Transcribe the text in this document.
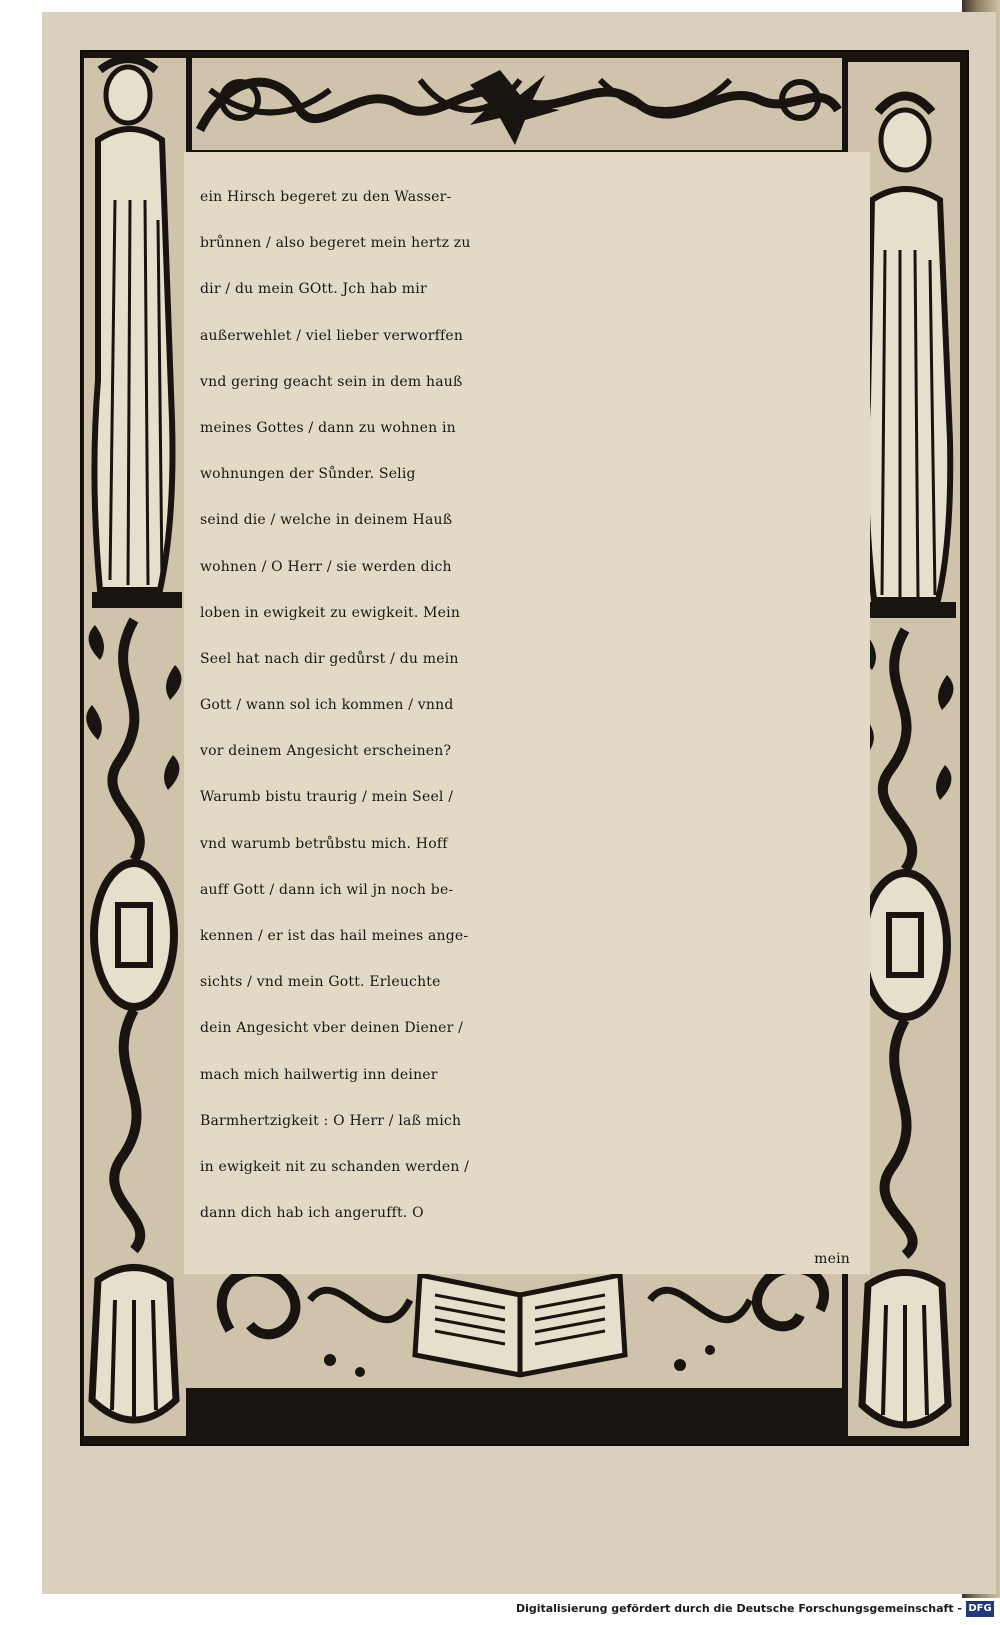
ein Hirsch begeret zu den Wasser-
brůnnen / also begeret mein hertz zu
dir / du mein GOtt. Jch hab mir
außerwehlet / viel lieber verworffen
vnd gering geacht sein in dem hauß
meines Gottes / dann zu wohnen in
wohnungen der Sůnder. Selig
seind die / welche in deinem Hauß
wohnen / O Herr / sie werden dich
loben in ewigkeit zu ewigkeit. Mein
Seel hat nach dir gedůrst / du mein
Gott / wann sol ich kommen / vnnd
vor deinem Angesicht erscheinen?
Warumb bistu traurig / mein Seel /
vnd warumb betrůbstu mich. Hoff
auff Gott / dann ich wil jn noch be-
kennen / er ist das hail meines ange-
sichts / vnd mein Gott. Erleuchte
dein Angesicht vber deinen Diener /
mach mich hailwertig inn deiner
Barmhertzigkeit : O Herr / laß mich
in ewigkeit nit zu schanden werden /
dann dich hab ich angerufft. O
mein
Digitalisierung gefördert durch die Deutsche Forschungsgemeinschaft - DFG
